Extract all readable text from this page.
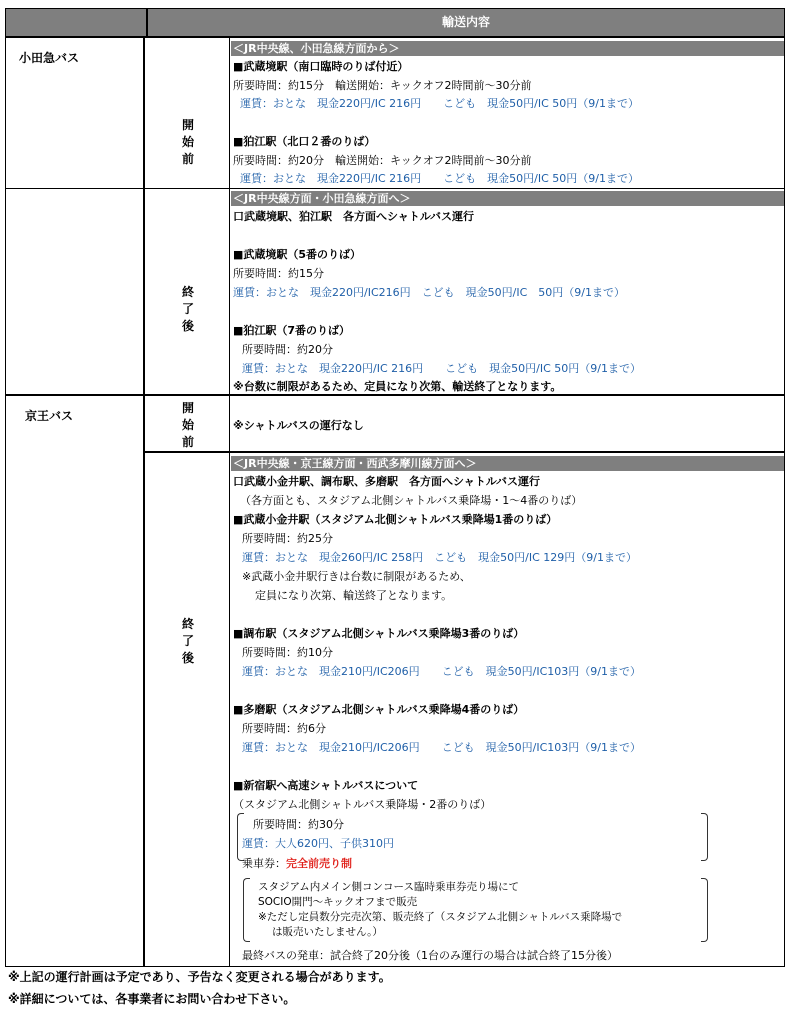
輸送内容
小田急バス
京王バス
開
始
前
終
了
後
開
始
前
終
了
後
＜JR中央線、小田急線方面から＞
■武蔵境駅（南口臨時のりば付近）
所要時間：約15分　輸送開始：キックオフ2時間前～30分前
運賃：おとな　現金220円/IC 216円　　こども　現金50円/IC 50円（9/1まで）
■狛江駅（北口２番のりば）
所要時間：約20分　輸送開始：キックオフ2時間前～30分前
運賃：おとな　現金220円/IC 216円　　こども　現金50円/IC 50円（9/1まで）
＜JR中央線方面・小田急線方面へ＞
口武蔵境駅、狛江駅　各方面へシャトルバス運行
■武蔵境駅（5番のりば）
所要時間：約15分
運賃：おとな　現金220円/IC216円　こども　現金50円/IC　50円（9/1まで）
■狛江駅（7番のりば）
所要時間：約20分
運賃：おとな　現金220円/IC 216円　　こども　現金50円/IC 50円（9/1まで）
※台数に制限があるため、定員になり次第、輸送終了となります。
※シャトルバスの運行なし
＜JR中央線・京王線方面・西武多摩川線方面へ＞
口武蔵小金井駅、調布駅、多磨駅　各方面へシャトルバス運行
（各方面とも、スタジアム北側シャトルバス乗降場・1～4番のりば）
■武蔵小金井駅（スタジアム北側シャトルバス乗降場1番のりば）
所要時間：約25分
運賃：おとな　現金260円/IC 258円　こども　現金50円/IC 129円（9/1まで）
※武蔵小金井駅行きは台数に制限があるため、
定員になり次第、輸送終了となります。
■調布駅（スタジアム北側シャトルバス乗降場3番のりば）
所要時間：約10分
運賃：おとな　現金210円/IC206円　　こども　現金50円/IC103円（9/1まで）
■多磨駅（スタジアム北側シャトルバス乗降場4番のりば）
所要時間：約6分
運賃：おとな　現金210円/IC206円　　こども　現金50円/IC103円（9/1まで）
■新宿駅へ高速シャトルバスについて
（スタジアム北側シャトルバス乗降場・2番のりば）
所要時間：約30分
運賃：大人620円、子供310円
乗車券：完全前売り制
スタジアム内メイン側コンコース臨時乗車券売り場にて
SOCIO開門～キックオフまで販売
※ただし定員数分完売次第、販売終了（スタジアム北側シャトルバス乗降場で
は販売いたしません。）
最終バスの発車：試合終了20分後（1台のみ運行の場合は試合終了15分後）
※上記の運行計画は予定であり、予告なく変更される場合があります。
※詳細については、各事業者にお問い合わせ下さい。
